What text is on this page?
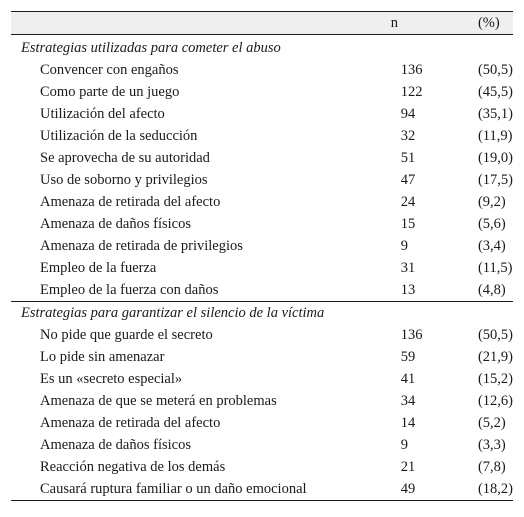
	n	(%)
Estrategias utilizadas para cometer el abuso		
Convencer con engaños	136	(50,5)
Como parte de un juego	122	(45,5)
Utilización del afecto	94	(35,1)
Utilización de la seducción	32	(11,9)
Se aprovecha de su autoridad	51	(19,0)
Uso de soborno y privilegios	47	(17,5)
Amenaza de retirada del afecto	24	(9,2)
Amenaza de daños físicos	15	(5,6)
Amenaza de retirada de privilegios	9	(3,4)
Empleo de la fuerza	31	(11,5)
Empleo de la fuerza con daños	13	(4,8)
Estrategias para garantizar el silencio de la víctima		
No pide que guarde el secreto	136	(50,5)
Lo pide sin amenazar	59	(21,9)
Es un «secreto especial»	41	(15,2)
Amenaza de que se meterá en problemas	34	(12,6)
Amenaza de retirada del afecto	14	(5,2)
Amenaza de daños físicos	9	(3,3)
Reacción negativa de los demás	21	(7,8)
Causará ruptura familiar o un daño emocional	49	(18,2)
